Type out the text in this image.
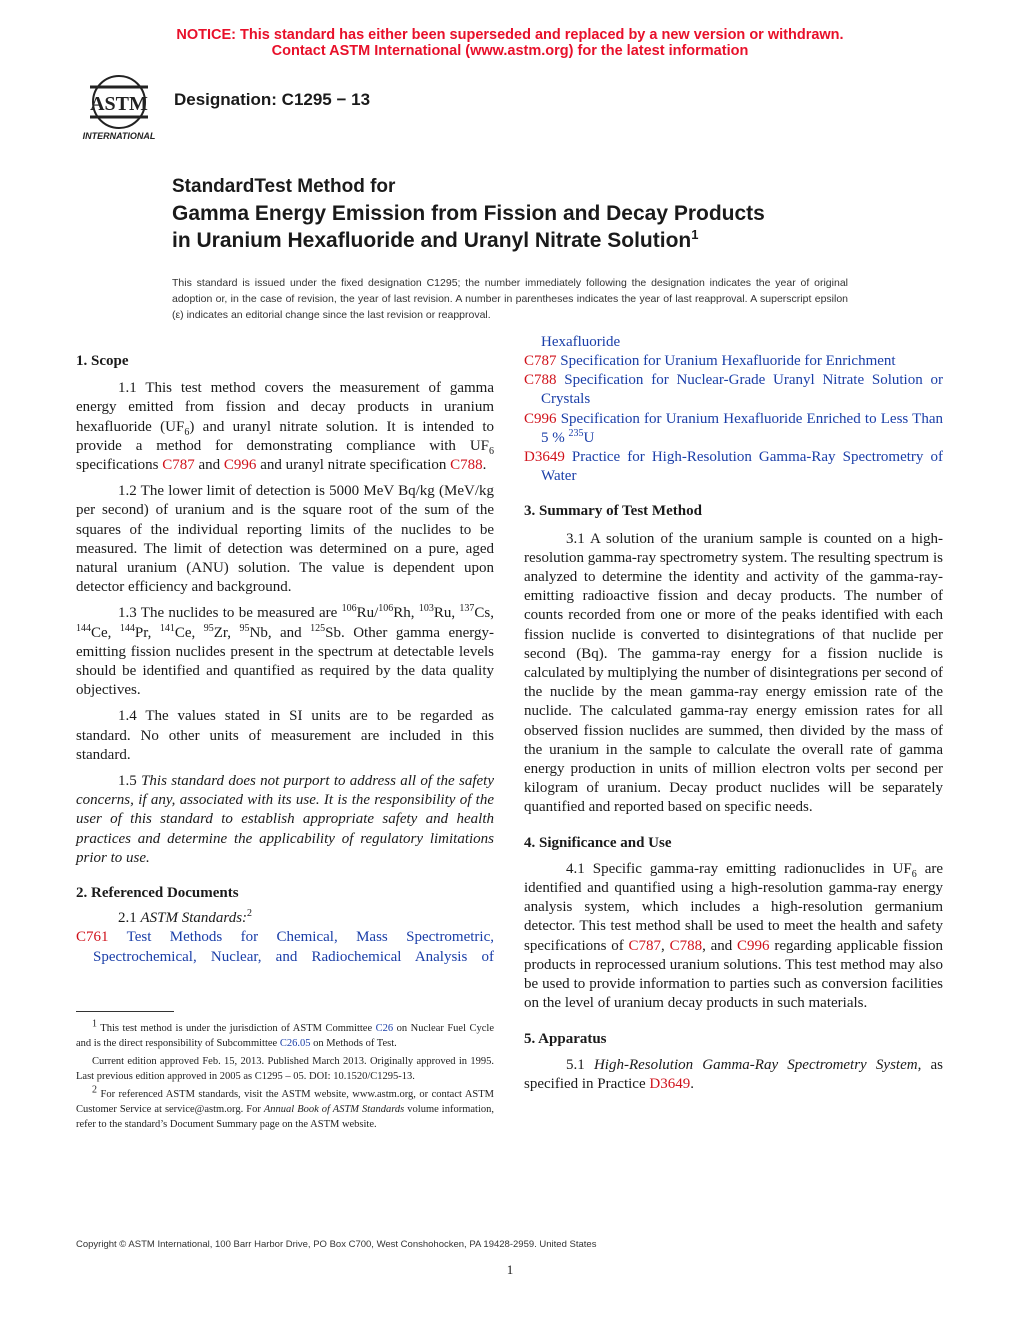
NOTICE: This standard has either been superseded and replaced by a new version or withdrawn.
Contact ASTM International (www.astm.org) for the latest information
ASTM
INTERNATIONAL
Designation: C1295 − 13
StandardTest Method for
Gamma Energy Emission from Fission and Decay Products
in Uranium Hexafluoride and Uranyl Nitrate Solution$^1$
This standard is issued under the fixed designation C1295; the number immediately following the designation indicates the year of original adoption or, in the case of revision, the year of last revision. A number in parentheses indicates the year of last reapproval. A superscript epsilon (ε) indicates an editorial change since the last revision or reapproval.

1. Scope

1.1 This test method covers the measurement of gamma energy emitted from fission and decay products in uranium hexafluoride $(UF_6)$ and uranyl nitrate solution. It is intended to provide a method for demonstrating compliance with $UF_6$ specifications C787 and C996 and uranyl nitrate specification C788.

1.2 The lower limit of detection is 5000 MeV Bq/kg (MeV/kg per second) of uranium and is the square root of the sum of the squares of the individual reporting limits of the nuclides to be measured. The limit of detection was determined on a pure, aged natural uranium (ANU) solution. The value is dependent upon detector efficiency and background.

1.3 The nuclides to be measured are $^{106}$Ru/$^{106}$Rh, $^{103}$Ru, $^{137}$Cs, $^{144}$Ce, $^{144}$Pr, $^{141}$Ce, $^{95}$Zr, $^{95}$Nb, and $^{125}$Sb. Other gamma energy-emitting fission nuclides present in the spectrum at detectable levels should be identified and quantified as required by the data quality objectives.

1.4 The values stated in SI units are to be regarded as standard. No other units of measurement are included in this standard.

1.5 This standard does not purport to address all of the safety concerns, if any, associated with its use. It is the responsibility of the user of this standard to establish appropriate safety and health practices and determine the applicability of regulatory limitations prior to use.

2. Referenced Documents

2.1 ASTM Standards:$^2$

C761 Test Methods for Chemical, Mass Spectrometric, Spectrochemical, Nuclear, and Radiochemical Analysis of

$^1$ This test method is under the jurisdiction of ASTM Committee C26 on Nuclear Fuel Cycle and is the direct responsibility of Subcommittee C26.05 on Methods of Test.

Current edition approved Feb. 15, 2013. Published March 2013. Originally approved in 1995. Last previous edition approved in 2005 as C1295 – 05. DOI: 10.1520/C1295-13.

$^2$ For referenced ASTM standards, visit the ASTM website, www.astm.org, or contact ASTM Customer Service at service@astm.org. For Annual Book of ASTM Standards volume information, refer to the standard’s Document Summary page on the ASTM website.

Hexafluoride

C787 Specification for Uranium Hexafluoride for Enrichment

C788 Specification for Nuclear-Grade Uranyl Nitrate Solution or Crystals

C996 Specification for Uranium Hexafluoride Enriched to Less Than 5 % $^{235}$U

D3649 Practice for High-Resolution Gamma-Ray Spectrometry of Water

3. Summary of Test Method

3.1 A solution of the uranium sample is counted on a high-resolution gamma-ray spectrometry system. The resulting spectrum is analyzed to determine the identity and activity of the gamma-ray-emitting radioactive fission and decay products. The number of counts recorded from one or more of the peaks identified with each fission nuclide is converted to disintegrations of that nuclide per second (Bq). The gamma-ray energy for a fission nuclide is calculated by multiplying the number of disintegrations per second of the nuclide by the mean gamma-ray energy emission rate of the nuclide. The calculated gamma-ray energy emission rates for all observed fission nuclides are summed, then divided by the mass of the uranium in the sample to calculate the overall rate of gamma energy production in units of million electron volts per second per kilogram of uranium. Decay product nuclides will be separately quantified and reported based on specific needs.

4. Significance and Use

4.1 Specific gamma-ray emitting radionuclides in $UF_6$ are identified and quantified using a high-resolution gamma-ray energy analysis system, which includes a high-resolution germanium detector. This test method shall be used to meet the health and safety specifications of C787, C788, and C996 regarding applicable fission products in reprocessed uranium solutions. This test method may also be used to provide information to parties such as conversion facilities on the level of uranium decay products in such materials.

5. Apparatus

5.1 High-Resolution Gamma-Ray Spectrometry System, as specified in Practice D3649.

Copyright © ASTM International, 100 Barr Harbor Drive, PO Box C700, West Conshohocken, PA 19428-2959. United States
1
